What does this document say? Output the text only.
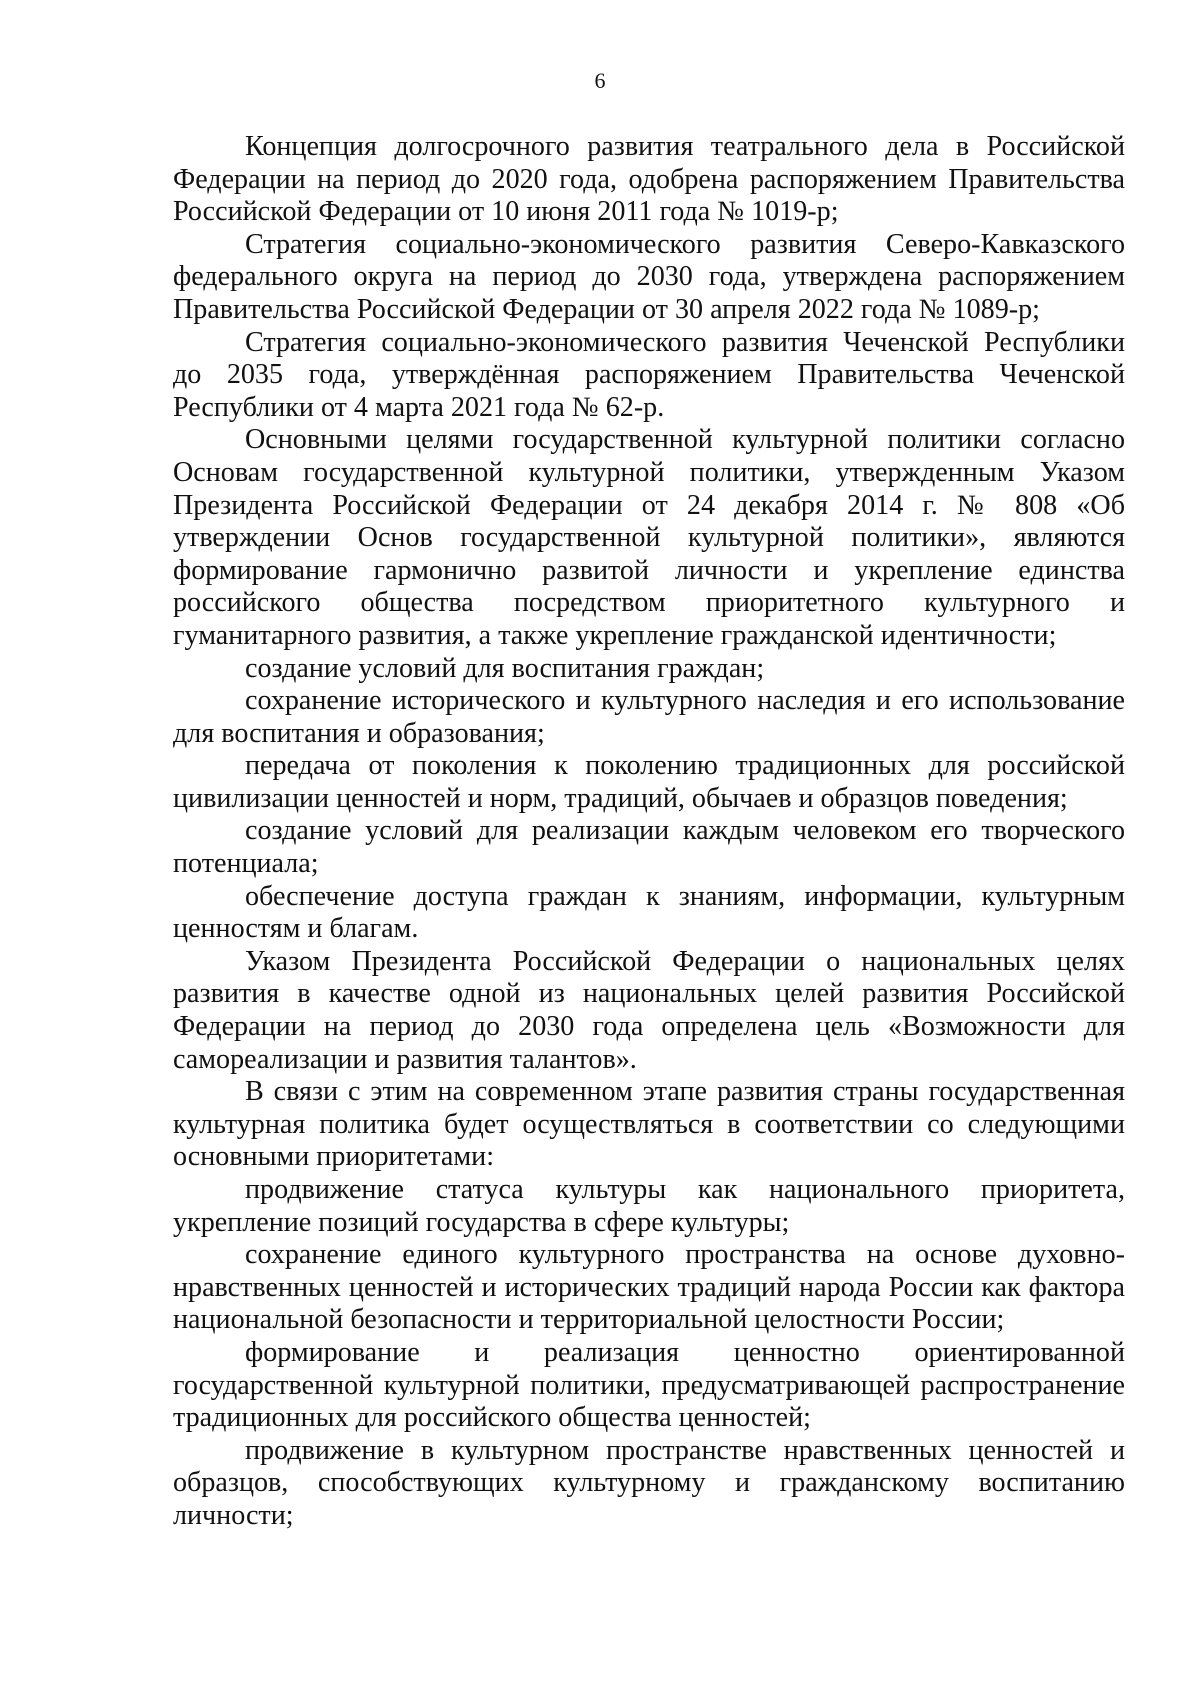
6

Концепция долгосрочного развития театрального дела в Российской Федерации на период до 2020 года, одобрена распоряжением Правительства Российской Федерации от 10 июня 2011 года № 1019-р;

Стратегия социально-экономического развития Северо-Кавказского федерального округа на период до 2030 года, утверждена распоряжением Правительства Российской Федерации от 30 апреля 2022 года № 1089-р;

Стратегия социально-экономического развития Чеченской Республики до 2035 года, утверждённая распоряжением Правительства Чеченской Республики от 4 марта 2021 года № 62-р.

Основными целями государственной культурной политики согласно Основам государственной культурной политики, утвержденным Указом Президента Российской Федерации от 24 декабря 2014 г. № 808 «Об утверждении Основ государственной культурной политики», являются формирование гармонично развитой личности и укрепление единства российского общества посредством приоритетного культурного и гуманитарного развития, а также укрепление гражданской идентичности;

создание условий для воспитания граждан;

сохранение исторического и культурного наследия и его использование для воспитания и образования;

передача от поколения к поколению традиционных для российской цивилизации ценностей и норм, традиций, обычаев и образцов поведения;

создание условий для реализации каждым человеком его творческого потенциала;

обеспечение доступа граждан к знаниям, информации, культурным ценностям и благам.

Указом Президента Российской Федерации о национальных целях развития в качестве одной из национальных целей развития Российской Федерации на период до 2030 года определена цель «Возможности для самореализации и развития талантов».

В связи с этим на современном этапе развития страны государственная культурная политика будет осуществляться в соответствии со следующими основными приоритетами:

продвижение статуса культуры как национального приоритета, укрепление позиций государства в сфере культуры;

сохранение единого культурного пространства на основе духовно-нравственных ценностей и исторических традиций народа России как фактора национальной безопасности и территориальной целостности России;

формирование и реализация ценностно ориентированной государственной культурной политики, предусматривающей распространение традиционных для российского общества ценностей;

продвижение в культурном пространстве нравственных ценностей и образцов, способствующих культурному и гражданскому воспитанию личности;
